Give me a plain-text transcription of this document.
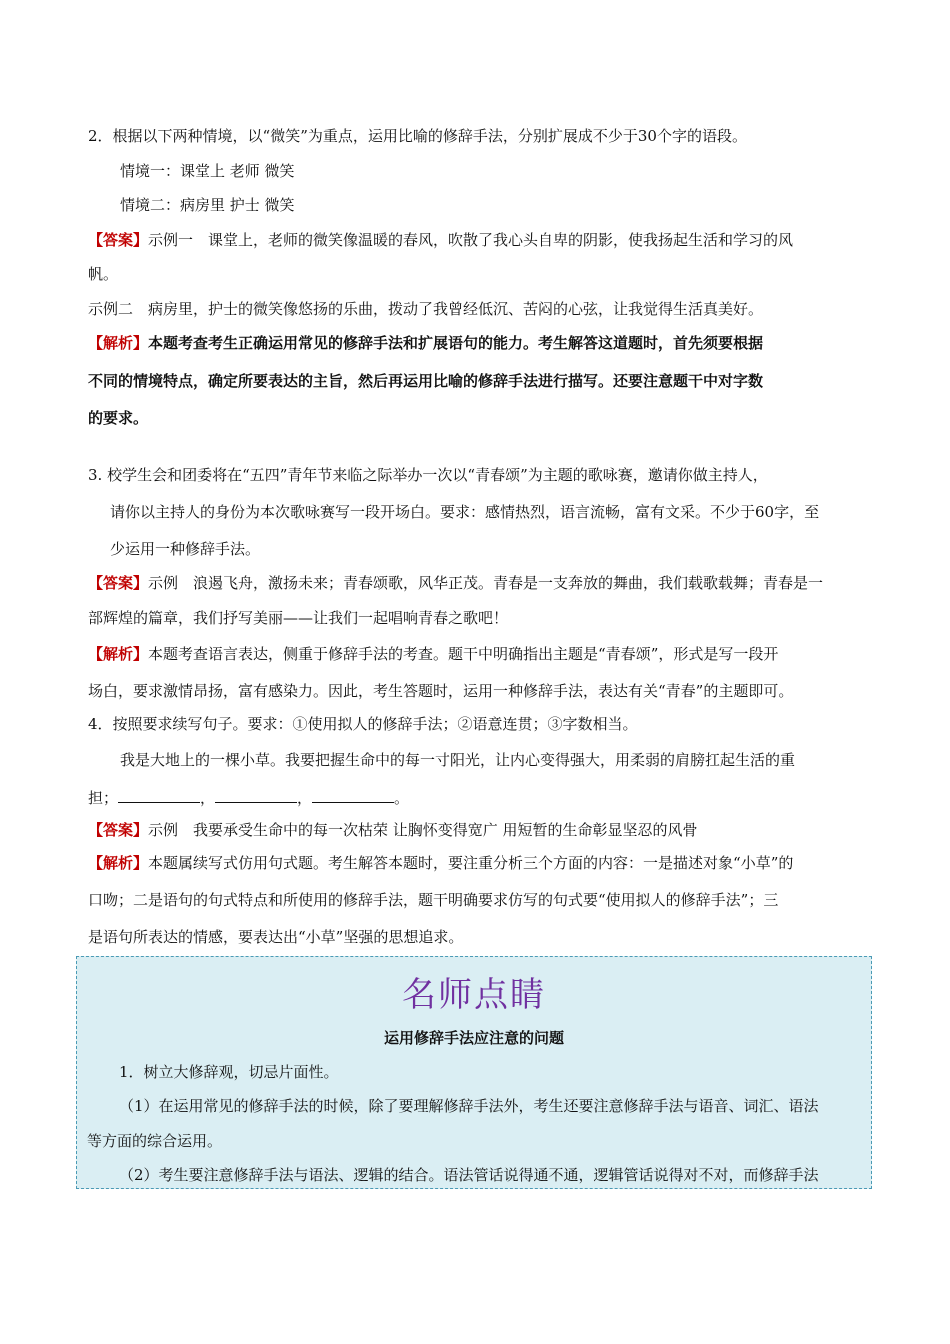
2．根据以下两种情境，以“微笑”为重点，运用比喻的修辞手法，分别扩展成不少于30个字的语段。
情境一：课堂上 老师 微笑
情境二：病房里 护士 微笑
【答案】示例一　课堂上，老师的微笑像温暖的春风，吹散了我心头自卑的阴影，使我扬起生活和学习的风
帆。
示例二　病房里，护士的微笑像悠扬的乐曲，拨动了我曾经低沉、苦闷的心弦，让我觉得生活真美好。
【解析】本题考查考生正确运用常见的修辞手法和扩展语句的能力。考生解答这道题时，首先须要根据
不同的情境特点，确定所要表达的主旨，然后再运用比喻的修辞手法进行描写。还要注意题干中对字数
的要求。
3. 校学生会和团委将在“五四”青年节来临之际举办一次以“青春颂”为主题的歌咏赛，邀请你做主持人，
请你以主持人的身份为本次歌咏赛写一段开场白。要求：感情热烈，语言流畅，富有文采。不少于60字，至
少运用一种修辞手法。
【答案】示例　浪遏飞舟，激扬未来；青春颂歌，风华正茂。青春是一支奔放的舞曲，我们载歌载舞；青春是一
部辉煌的篇章，我们抒写美丽——让我们一起唱响青春之歌吧！
【解析】本题考查语言表达，侧重于修辞手法的考查。题干中明确指出主题是“青春颂”，形式是写一段开
场白，要求激情昂扬，富有感染力。因此，考生答题时，运用一种修辞手法，表达有关“青春”的主题即可。
4．按照要求续写句子。要求：①使用拟人的修辞手法；②语意连贯；③字数相当。
我是大地上的一棵小草。我要把握生命中的每一寸阳光，让内心变得强大，用柔弱的肩膀扛起生活的重
担；	，	，	。
【答案】示例　我要承受生命中的每一次枯荣 让胸怀变得宽广 用短暂的生命彰显坚忍的风骨
【解析】本题属续写式仿用句式题。考生解答本题时，要注重分析三个方面的内容：一是描述对象“小草”的
口吻；二是语句的句式特点和所使用的修辞手法，题干明确要求仿写的句式要“使用拟人的修辞手法”；三
是语句所表达的情感，要表达出“小草”坚强的思想追求。
名师点睛
运用修辞手法应注意的问题
1．树立大修辞观，切忌片面性。
（1）在运用常见的修辞手法的时候，除了要理解修辞手法外，考生还要注意修辞手法与语音、词汇、语法
等方面的综合运用。
（2）考生要注意修辞手法与语法、逻辑的结合。语法管话说得通不通，逻辑管话说得对不对，而修辞手法
